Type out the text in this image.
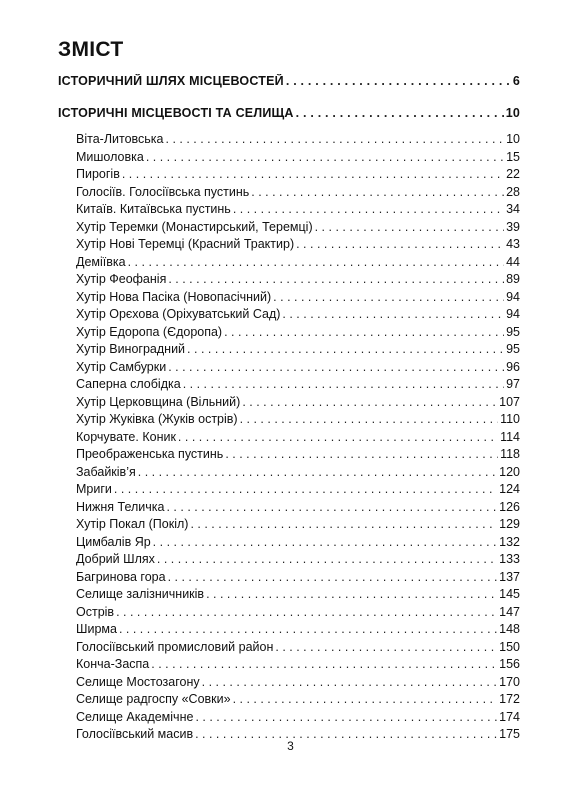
ЗМІСТ
ІСТОРИЧНИЙ ШЛЯХ МІСЦЕВОСТЕЙ . . .	6
ІСТОРИЧНІ МІСЦЕВОСТІ ТА СЕЛИЩА . . .	10
Віта-Литовська . . .	10
Мишоловка . . .	15
Пирогів . . .	22
Голосіїв. Голосіївська пустинь . . .	28
Китаїв. Китаївська пустинь . . .	34
Хутір Теремки (Монастирський, Теремці) . . .	39
Хутір Нові Теремці (Красний Трактир) . . .	43
Деміївка . . .	44
Хутір Феофанія . . .	89
Хутір Нова Пасіка (Новопасічний) . . .	94
Хутір Орєхова (Оріхуватський Сад) . . .	94
Хутір Едоропа (Єдоропа) . . .	95
Хутір Виноградний . . .	95
Хутір Самбурки . . .	96
Саперна слобідка . . .	97
Хутір Церковщина (Вільний) . . .	107
Хутір Жуківка (Жуків острів) . . .	110
Корчувате. Коник . . .	114
Преображенська пустинь . . .	118
Забайків’я . . .	120
Мриги . . .	124
Нижня Теличка . . .	126
Хутір Покал (Покіл) . . .	129
Цимбалів Яр . . .	132
Добрий Шлях . . .	133
Багринова гора . . .	137
Селище залізничників . . .	145
Острів . . .	147
Ширма . . .	148
Голосіївський промисловий район . . .	150
Конча-Заспа . . .	156
Селище Мостозагону . . .	170
Селище радгоспу «Совки» . . .	172
Селище Академічне . . .	174
Голосіївський масив . . .	175
3
